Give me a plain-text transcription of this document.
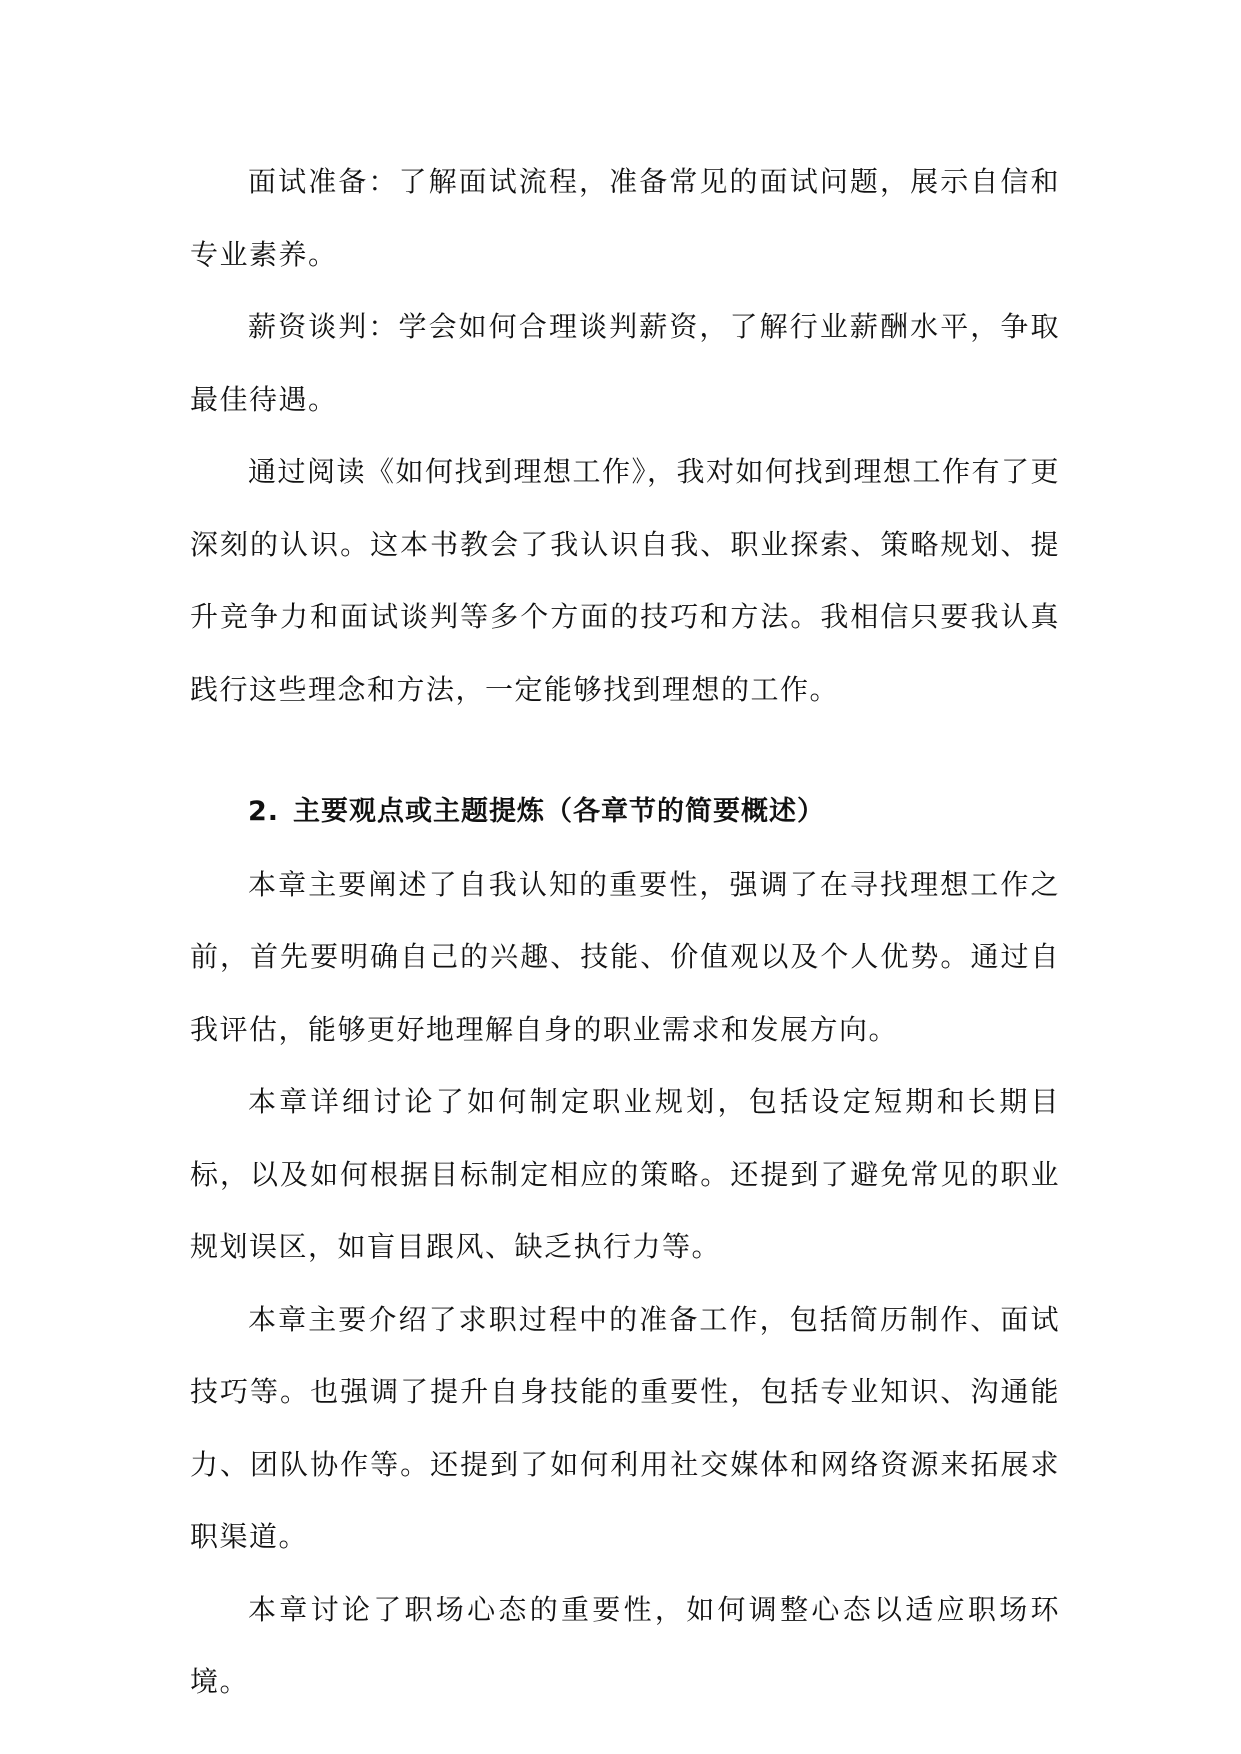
面试准备：了解面试流程，准备常见的面试问题，展示自信和专业素养。

薪资谈判：学会如何合理谈判薪资，了解行业薪酬水平，争取最佳待遇。

通过阅读《如何找到理想工作》，我对如何找到理想工作有了更深刻的认识。这本书教会了我认识自我、职业探索、策略规划、提升竞争力和面试谈判等多个方面的技巧和方法。我相信只要我认真践行这些理念和方法，一定能够找到理想的工作。

2. 主要观点或主题提炼（各章节的简要概述）

本章主要阐述了自我认知的重要性，强调了在寻找理想工作之前，首先要明确自己的兴趣、技能、价值观以及个人优势。通过自我评估，能够更好地理解自身的职业需求和发展方向。

本章详细讨论了如何制定职业规划，包括设定短期和长期目标，以及如何根据目标制定相应的策略。还提到了避免常见的职业规划误区，如盲目跟风、缺乏执行力等。

本章主要介绍了求职过程中的准备工作，包括简历制作、面试技巧等。也强调了提升自身技能的重要性，包括专业知识、沟通能力、团队协作等。还提到了如何利用社交媒体和网络资源来拓展求职渠道。

本章讨论了职场心态的重要性，如何调整心态以适应职场环境。
